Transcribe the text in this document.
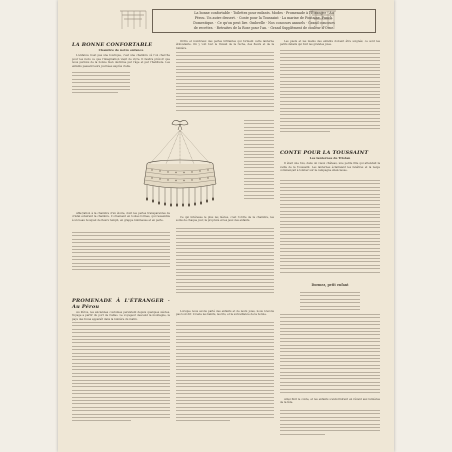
La bonne confortable · Toilettes pour enfants. Modes · Promenade à l'Étranger · Au
Pérou. Un autre dessert. · Conte pour la Toussaint · La marine de Fontaine. Punch.
Domestique. · Ce qu'on peut lire. Ombrelle · Nos concours annuels · Grand concours
de recettes. · Retraites de la Rose pour l'an. · Grand Supplément de couleur d'Orne.
LA BONNE CONFORTABLE
Chambre de notre enfance

L'enfance n'est pas une boutique, c'est une chambre où l'on cherche pour les mots ce que l'imagination vient de vivre. Il faudra prévoir que nous parlons de la bonne bien déchirée par l'âge et par l'habitude. Les enfants passent leurs journées auprès d'elle.

Affectation à la chambre d'un étoile, dont les perles transparentes de cristal éclairent la chambre. L'ornement en toutes formes, qui ressemble à un beau bouquet de fleurs rempli, en grappe lumineuse et en perle.

PROMENADE À L'ÉTRANGER · Au Pérou

Au Pérou, les anciennes coutumes persistent depuis quelques siècles. Voyage a partir du port de Callao. Le voyageur descend la montagne, le pays des Incas apparaît dans la lumière du matin.

Ordre et nombreux des perles brillantes qui forment cette lanterne étincelante. On y voit tout le travail de la ruche, des fleurs et de la lumière.

Ce qui intéresse le plus les mères, c'est l'ordre de la chambre, les soins de chaque jour, la propreté et les jeux des enfants.

Lorsque nous avons parlé des enfants et de leurs joies, nous n'avons pas tout dit: il reste les habits, les lits, et la surveillance de la bonne.

Les pieds et les mains des enfants doivent être soignés; ce sont les petits détails qui font les grandes joies.

CONTE POUR LA TOUSSAINT
Les lanternes de Tristan

Il était une fois, dans un vieux château, une petite fille qui attendait la veille de la Toussaint. Les lanternes éclairaient les fenêtres et la neige commençait à tomber sur la campagne silencieuse.

Dormez, petit enfant

Ainsi finit le conte, et les enfants s'endormirent en rêvant aux lumières de la fête.
